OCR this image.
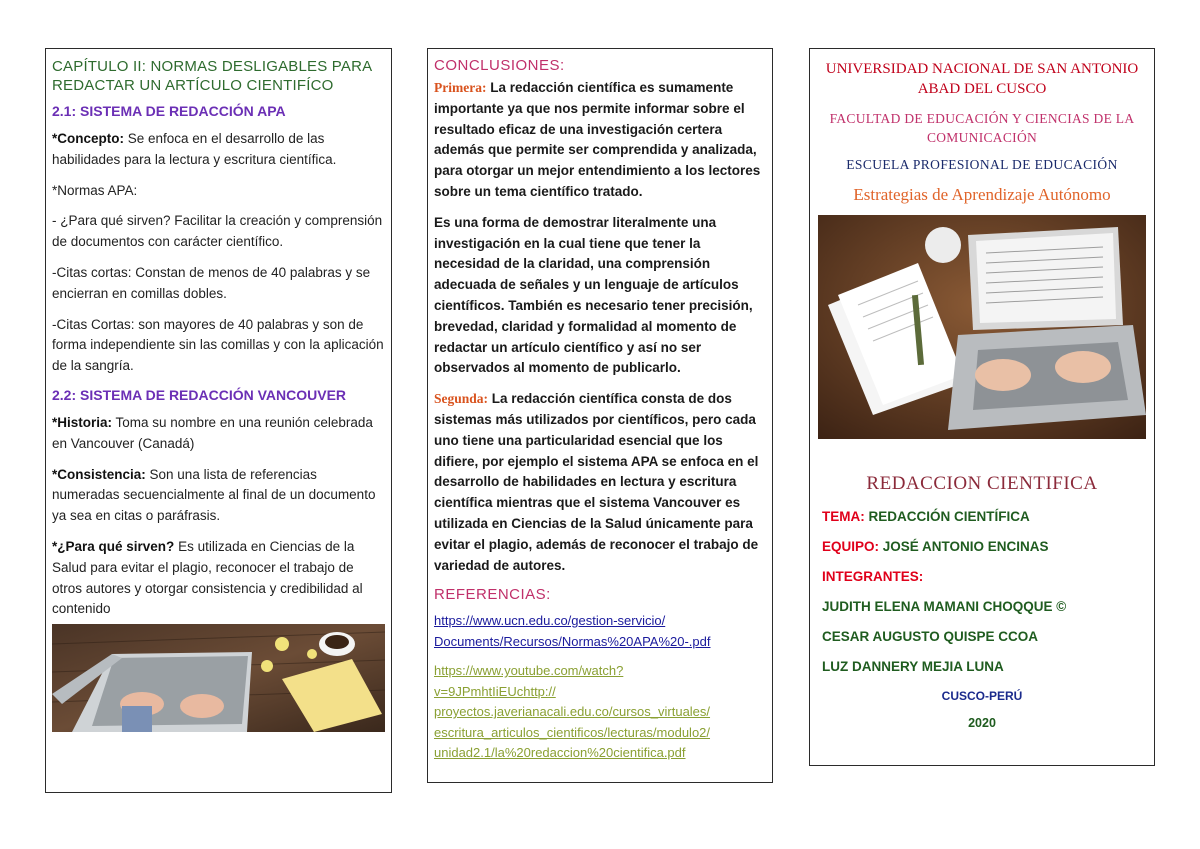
CAPÍTULO II: NORMAS DESLIGABLES PARA REDACTAR UN ARTÍCULO CIENTIFÍCO

2.1: SISTEMA DE REDACCIÓN APA

*Concepto: Se enfoca en el desarrollo de las habilidades para la lectura y escritura científica.

*Normas APA:

- ¿Para qué sirven? Facilitar la creación y comprensión de documentos con carácter científico.

-Citas cortas: Constan de menos de 40 palabras y se encierran en comillas dobles.

-Citas Cortas: son mayores de 40 palabras y son de forma independiente sin las comillas y con la aplicación de la sangría.

2.2: SISTEMA DE REDACCIÓN VANCOUVER

*Historia: Toma su nombre en una reunión celebrada en Vancouver (Canadá)

*Consistencia: Son una lista de referencias numeradas secuencialmente al final de un documento ya sea en citas o paráfrasis.

*¿Para qué sirven? Es utilizada en Ciencias de la Salud para evitar el plagio, reconocer el trabajo de otros autores y otorgar consistencia y credibilidad al contenido

CONCLUSIONES:

Primera: La redacción científica es sumamente importante ya que nos permite informar sobre el resultado eficaz de una investigación certera además que permite ser comprendida y analizada, para otorgar un mejor entendimiento a los lectores sobre un tema científico tratado.

Es una forma de demostrar literalmente una investigación en la cual tiene que tener la necesidad de la claridad, una comprensión adecuada de señales y un lenguaje de artículos científicos. También es necesario tener precisión, brevedad, claridad y formalidad al momento de redactar un artículo científico y así no ser observados al momento de publicarlo.

Segunda: La redacción científica consta de dos sistemas más utilizados por científicos, pero cada uno tiene una particularidad esencial que los difiere, por ejemplo el sistema APA se enfoca en el desarrollo de habilidades en lectura y escritura científica mientras que el sistema Vancouver es utilizada en Ciencias de la Salud únicamente para evitar el plagio, además de reconocer el trabajo de variedad de autores.

REFERENCIAS:

https://www.ucn.edu.co/gestion-servicio/
Documents/Recursos/Normas%20APA%20-.pdf
https://www.youtube.com/watch?
v=9JPmhtIiEUchttp://
proyectos.javerianacali.edu.co/cursos_virtuales/
escritura_articulos_cientificos/lecturas/modulo2/
unidad2.1/la%20redaccion%20cientifica.pdf

UNIVERSIDAD NACIONAL DE SAN ANTONIO ABAD DEL CUSCO

FACULTAD DE EDUCACIÓN Y CIENCIAS DE LA COMUNICACIÓN

ESCUELA PROFESIONAL DE EDUCACIÓN

Estrategias de Aprendizaje Autónomo

REDACCION CIENTIFICA

TEMA: REDACCIÓN CIENTÍFICA

EQUIPO: JOSÉ ANTONIO ENCINAS

INTEGRANTES:

JUDITH ELENA MAMANI CHOQQUE ©

CESAR AUGUSTO QUISPE CCOA

LUZ DANNERY MEJIA LUNA

CUSCO-PERÚ

2020
